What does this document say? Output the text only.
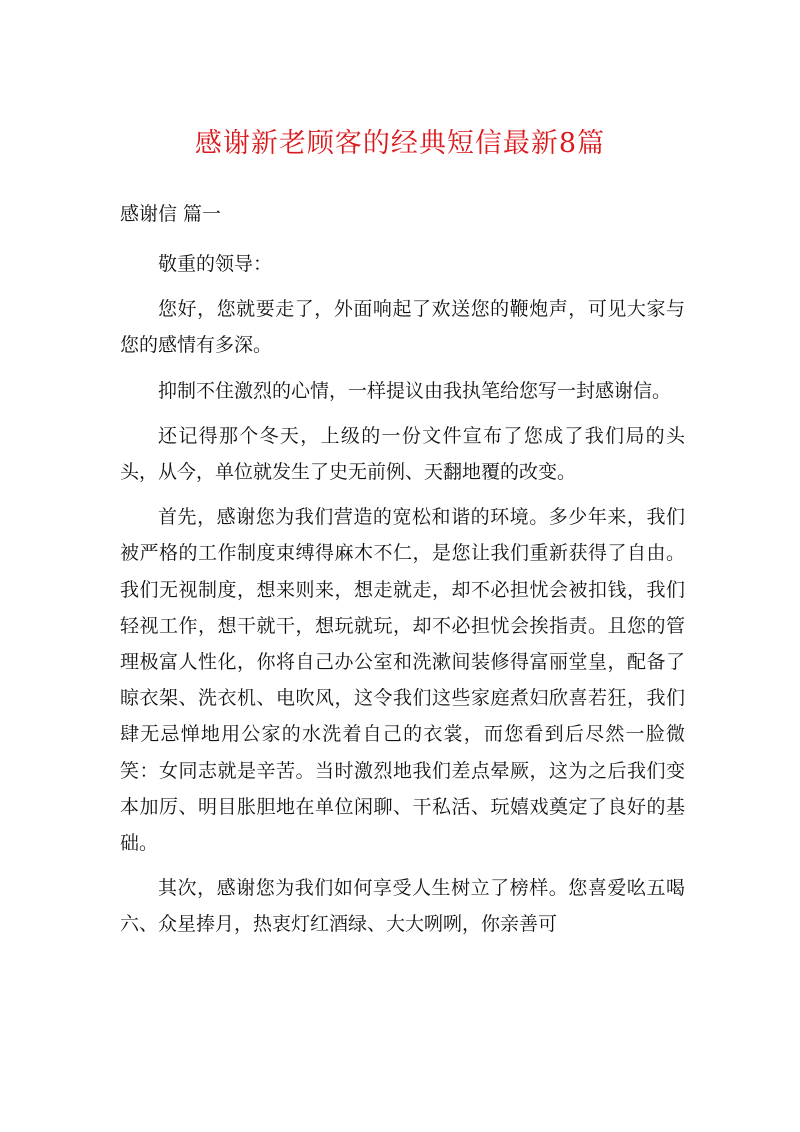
感谢新老顾客的经典短信最新8篇
感谢信 篇一

敬重的领导：

您好，您就要走了，外面响起了欢送您的鞭炮声，可见大家与您的感情有多深。

抑制不住激烈的心情，一样提议由我执笔给您写一封感谢信。

还记得那个冬天，上级的一份文件宣布了您成了我们局的头头，从今，单位就发生了史无前例、天翻地覆的改变。

首先，感谢您为我们营造的宽松和谐的环境。多少年来，我们被严格的工作制度束缚得麻木不仁，是您让我们重新获得了自由。我们无视制度，想来则来，想走就走，却不必担忧会被扣钱，我们轻视工作，想干就干，想玩就玩，却不必担忧会挨指责。且您的管理极富人性化，你将自己办公室和洗漱间装修得富丽堂皇，配备了晾衣架、洗衣机、电吹风，这令我们这些家庭煮妇欣喜若狂，我们肆无忌惮地用公家的水洗着自己的衣裳，而您看到后尽然一脸微笑：女同志就是辛苦。当时激烈地我们差点晕厥，这为之后我们变本加厉、明目胀胆地在单位闲聊、干私活、玩嬉戏奠定了良好的基础。

其次，感谢您为我们如何享受人生树立了榜样。您喜爱吆五喝六、众星捧月，热衷灯红酒绿、大大咧咧，你亲善可
